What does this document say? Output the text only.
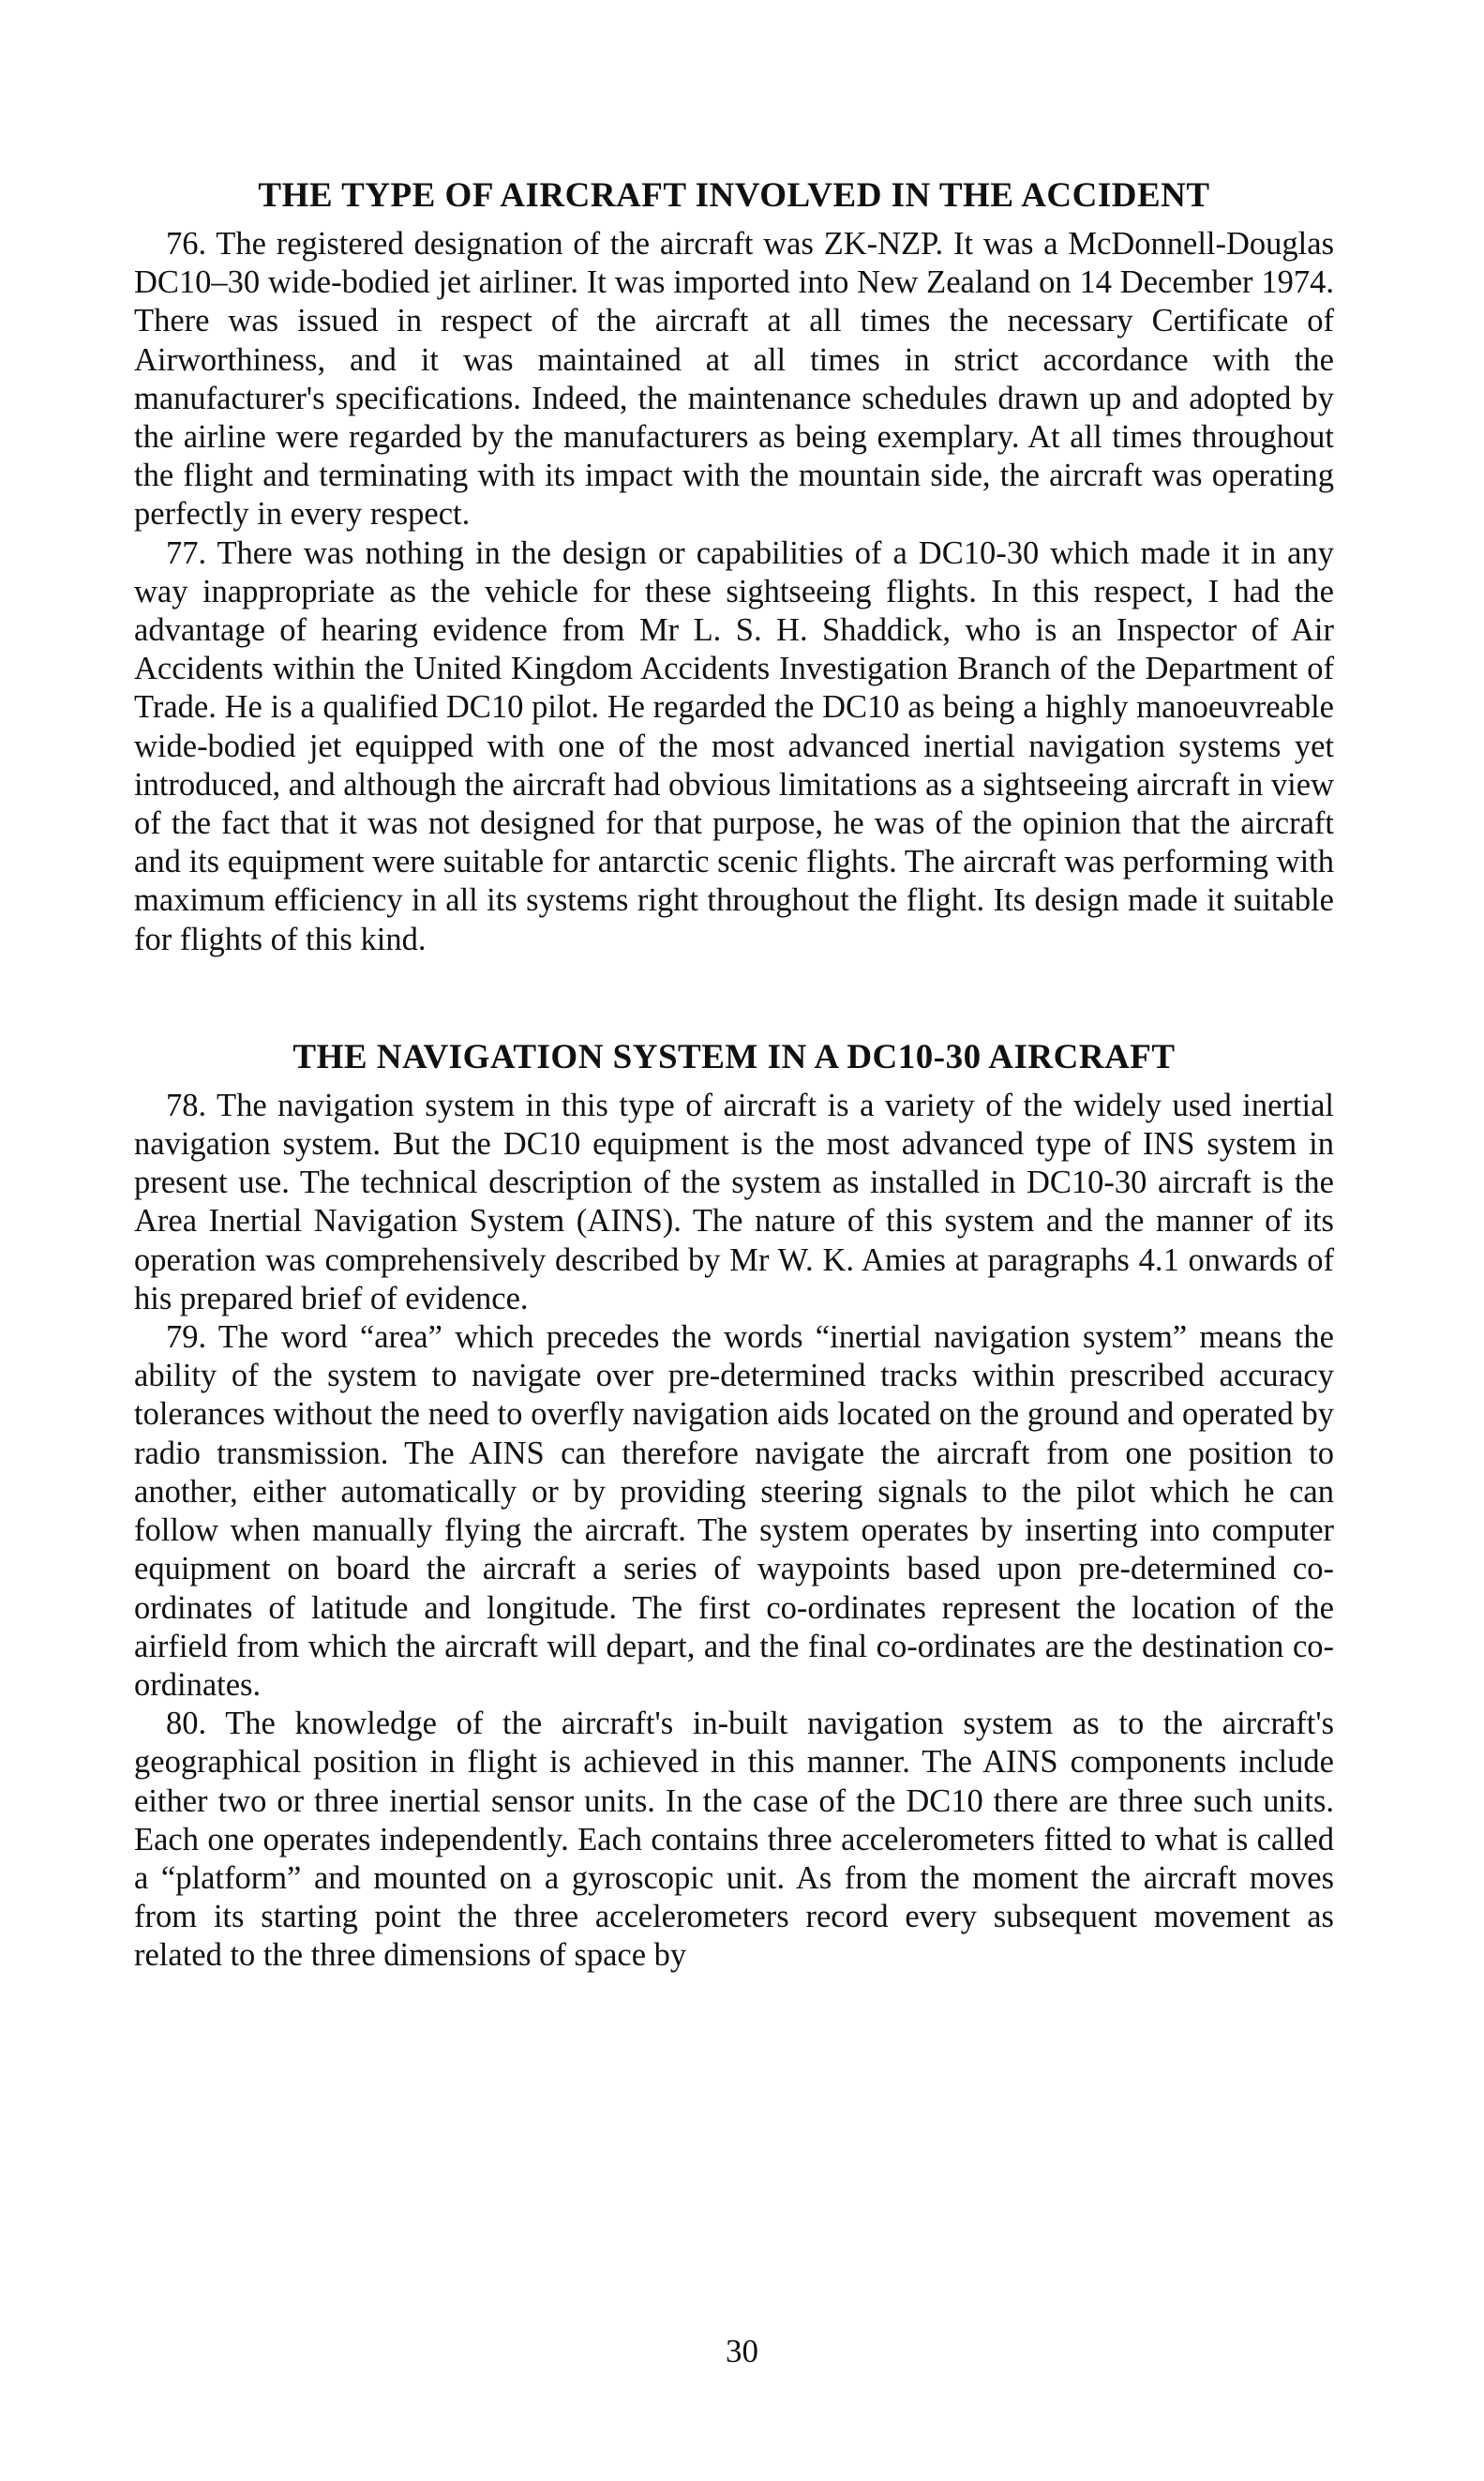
THE TYPE OF AIRCRAFT INVOLVED IN THE ACCIDENT

76. The registered designation of the aircraft was ZK-NZP. It was a McDonnell-Douglas DC10–30 wide-bodied jet airliner. It was imported into New Zealand on 14 December 1974. There was issued in respect of the aircraft at all times the necessary Certificate of Airworthiness, and it was maintained at all times in strict accordance with the manufacturer's specifications. Indeed, the maintenance schedules drawn up and adopted by the airline were regarded by the manufacturers as being exemplary. At all times throughout the flight and terminating with its impact with the mountain side, the aircraft was operating perfectly in every respect.

77. There was nothing in the design or capabilities of a DC10-30 which made it in any way inappropriate as the vehicle for these sightseeing flights. In this respect, I had the advantage of hearing evidence from Mr L. S. H. Shaddick, who is an Inspector of Air Accidents within the United Kingdom Accidents Investigation Branch of the Department of Trade. He is a qualified DC10 pilot. He regarded the DC10 as being a highly manoeuvreable wide-bodied jet equipped with one of the most advanced inertial navigation systems yet introduced, and although the aircraft had obvious limitations as a sightseeing aircraft in view of the fact that it was not designed for that purpose, he was of the opinion that the aircraft and its equipment were suitable for antarctic scenic flights. The aircraft was performing with maximum efficiency in all its systems right throughout the flight. Its design made it suitable for flights of this kind.

THE NAVIGATION SYSTEM IN A DC10-30 AIRCRAFT

78. The navigation system in this type of aircraft is a variety of the widely used inertial navigation system. But the DC10 equipment is the most advanced type of INS system in present use. The technical description of the system as installed in DC10-30 aircraft is the Area Inertial Navigation System (AINS). The nature of this system and the manner of its operation was comprehensively described by Mr W. K. Amies at paragraphs 4.1 onwards of his prepared brief of evidence.

79. The word “area” which precedes the words “inertial navigation system” means the ability of the system to navigate over pre-determined tracks within prescribed accuracy tolerances without the need to overfly navigation aids located on the ground and operated by radio transmission. The AINS can therefore navigate the aircraft from one position to another, either automatically or by providing steering signals to the pilot which he can follow when manually flying the aircraft. The system operates by inserting into computer equipment on board the aircraft a series of waypoints based upon pre-determined co-ordinates of latitude and longitude. The first co-ordinates represent the location of the airfield from which the aircraft will depart, and the final co-ordinates are the destination co-ordinates.

80. The knowledge of the aircraft's in-built navigation system as to the aircraft's geographical position in flight is achieved in this manner. The AINS components include either two or three inertial sensor units. In the case of the DC10 there are three such units. Each one operates independently. Each contains three accelerometers fitted to what is called a “platform” and mounted on a gyroscopic unit. As from the moment the aircraft moves from its starting point the three accelerometers record every subsequent movement as related to the three dimensions of space by

30
